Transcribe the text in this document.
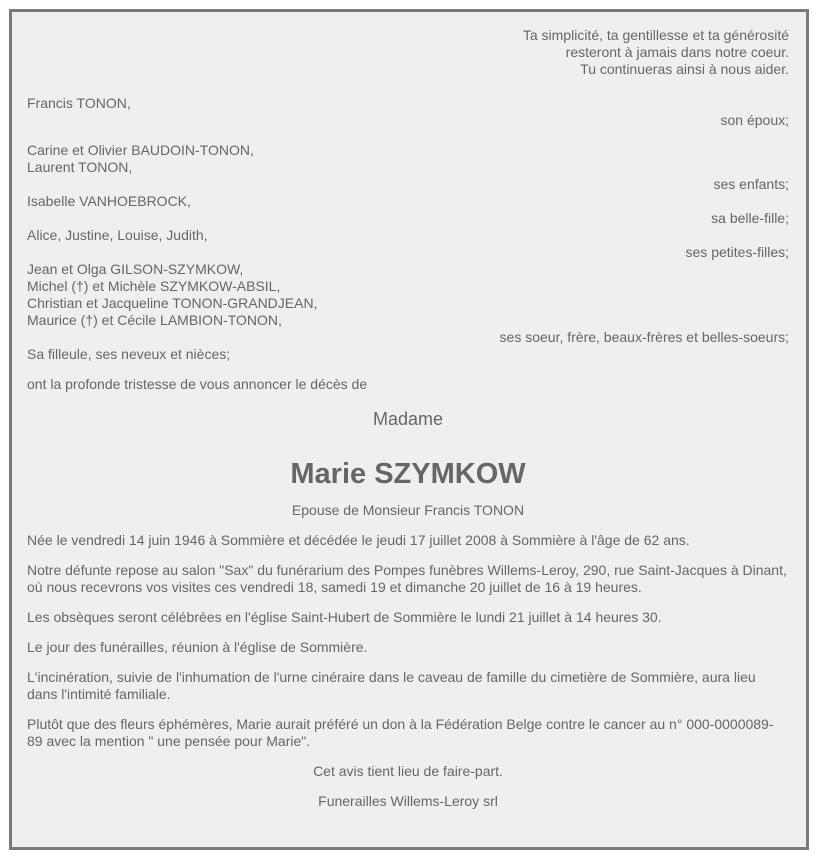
Ta simplicité, ta gentillesse et ta générosité
resteront à jamais dans notre coeur.
Tu continueras ainsi à nous aider.
Francis TONON,
son époux;
Carine et Olivier BAUDOIN-TONON,
Laurent TONON,
ses enfants;
Isabelle VANHOEBROCK,
sa belle-fille;
Alice, Justine, Louise, Judith,
ses petites-filles;
Jean et Olga GILSON-SZYMKOW,
Michel (†) et Michèle SZYMKOW-ABSIL,
Christian et Jacqueline TONON-GRANDJEAN,
Maurice (†) et Cécile LAMBION-TONON,
ses soeur, frère, beaux-frères et belles-soeurs;
Sa filleule, ses neveux et nièces;
ont la profonde tristesse de vous annoncer le décès de
Madame
Marie SZYMKOW
Epouse de Monsieur Francis TONON

Née le vendredi 14 juin 1946 à Sommière et décédée le jeudi 17 juillet 2008 à Sommière à l'âge de 62 ans.

Notre défunte repose au salon "Sax" du funérarium des Pompes funèbres Willems-Leroy, 290, rue Saint-Jacques à Dinant, où nous recevrons vos visites ces vendredi 18, samedi 19 et dimanche 20 juillet de 16 à 19 heures.

Les obsèques seront célébrées en l'église Saint-Hubert de Sommière le lundi 21 juillet à 14 heures 30.

Le jour des funérailles, réunion à l'église de Sommière.

L'incinération, suivie de l'inhumation de l'urne cinéraire dans le caveau de famille du cimetière de Sommière, aura lieu dans l'intimité familiale.

Plutôt que des fleurs éphémères, Marie aurait préféré un don à la Fédération Belge contre le cancer au n° 000-0000089-89 avec la mention " une pensée pour Marie".

Cet avis tient lieu de faire-part.
Funerailles Willems-Leroy srl
